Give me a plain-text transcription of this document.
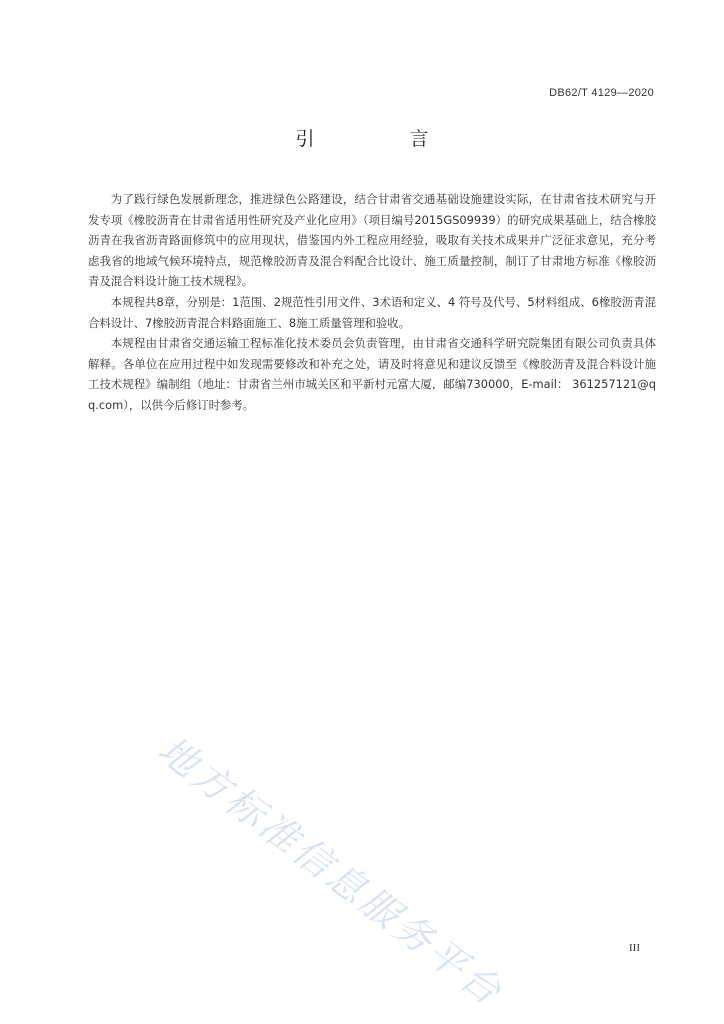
DB62/T 4129—2020
引　言

为了践行绿色发展新理念，推进绿色公路建设，结合甘肃省交通基础设施建设实际，在甘肃省技术研究与开发专项《橡胶沥青在甘肃省适用性研究及产业化应用》（项目编号2015GS09939）的研究成果基础上，结合橡胶沥青在我省沥青路面修筑中的应用现状，借鉴国内外工程应用经验，吸取有关技术成果并广泛征求意见，充分考虑我省的地域气候环境特点，规范橡胶沥青及混合料配合比设计、施工质量控制，制订了甘肃地方标准《橡胶沥青及混合料设计施工技术规程》。

本规程共8章，分别是：1范围、2规范性引用文件、3术语和定义、4 符号及代号、5材料组成、6橡胶沥青混合料设计、7橡胶沥青混合料路面施工、8施工质量管理和验收。

本规程由甘肃省交通运输工程标准化技术委员会负责管理，由甘肃省交通科学研究院集团有限公司负责具体解释。各单位在应用过程中如发现需要修改和补充之处，请及时将意见和建议反馈至《橡胶沥青及混合料设计施工技术规程》编制组（地址：甘肃省兰州市城关区和平新村元富大厦，邮编730000，E-mail： 361257121@qq.com），以供今后修订时参考。

地方标准信息服务平台	III
